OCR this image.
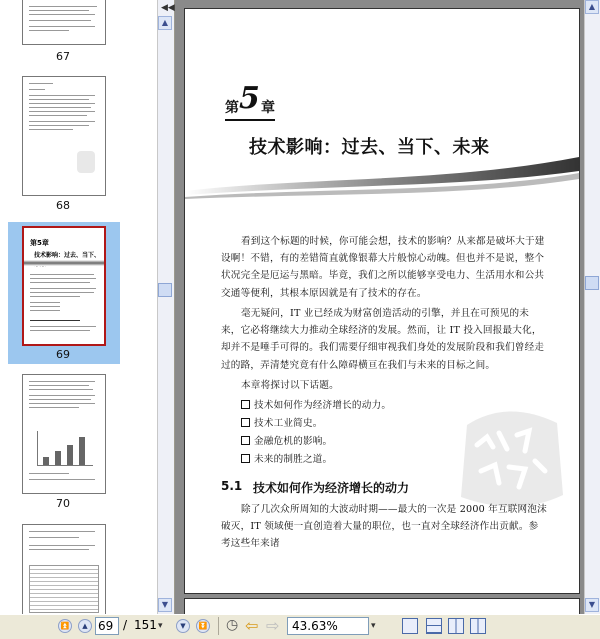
67
68
第5章
技术影响：过去、当下、
69
70
◀◀
▲
▼
第 5 章
技术影响：过去、当下、未来
看到这个标题的时候，你可能会想，技术的影响？从来都是破坏大于建设啊！不错，有的差错简直就像银幕大片般惊心动魄。但也并不是说，整个状况完全是厄运与黑暗。毕竟，我们之所以能够享受电力、生活用水和公共交通等便利，其根本原因就是有了技术的存在。
毫无疑问，IT 业已经成为财富创造活动的引擎，并且在可预见的未来，它必将继续大力推动全球经济的发展。然而，让 IT 投入回报最大化，却并不是唾手可得的。我们需要仔细审视我们身处的发展阶段和我们曾经走过的路，弄清楚究竟有什么障碍横亘在我们与未来的目标之间。
本章将探讨以下话题。
技术如何作为经济增长的动力。
技术工业简史。
金融危机的影响。
未来的制胜之道。
5.1 技术如何作为经济增长的动力
除了几次众所周知的大波动时期——最大的一次是 2000 年互联网泡沫破灭，IT 领域便一直创造着大量的职位，也一直对全球经济作出贡献。参考这些年来诸
▲
▼
⏫	▲ 69 / 151 ▾	▼	⏬ ◷ ⇦ ⇨	43.63%	▾
